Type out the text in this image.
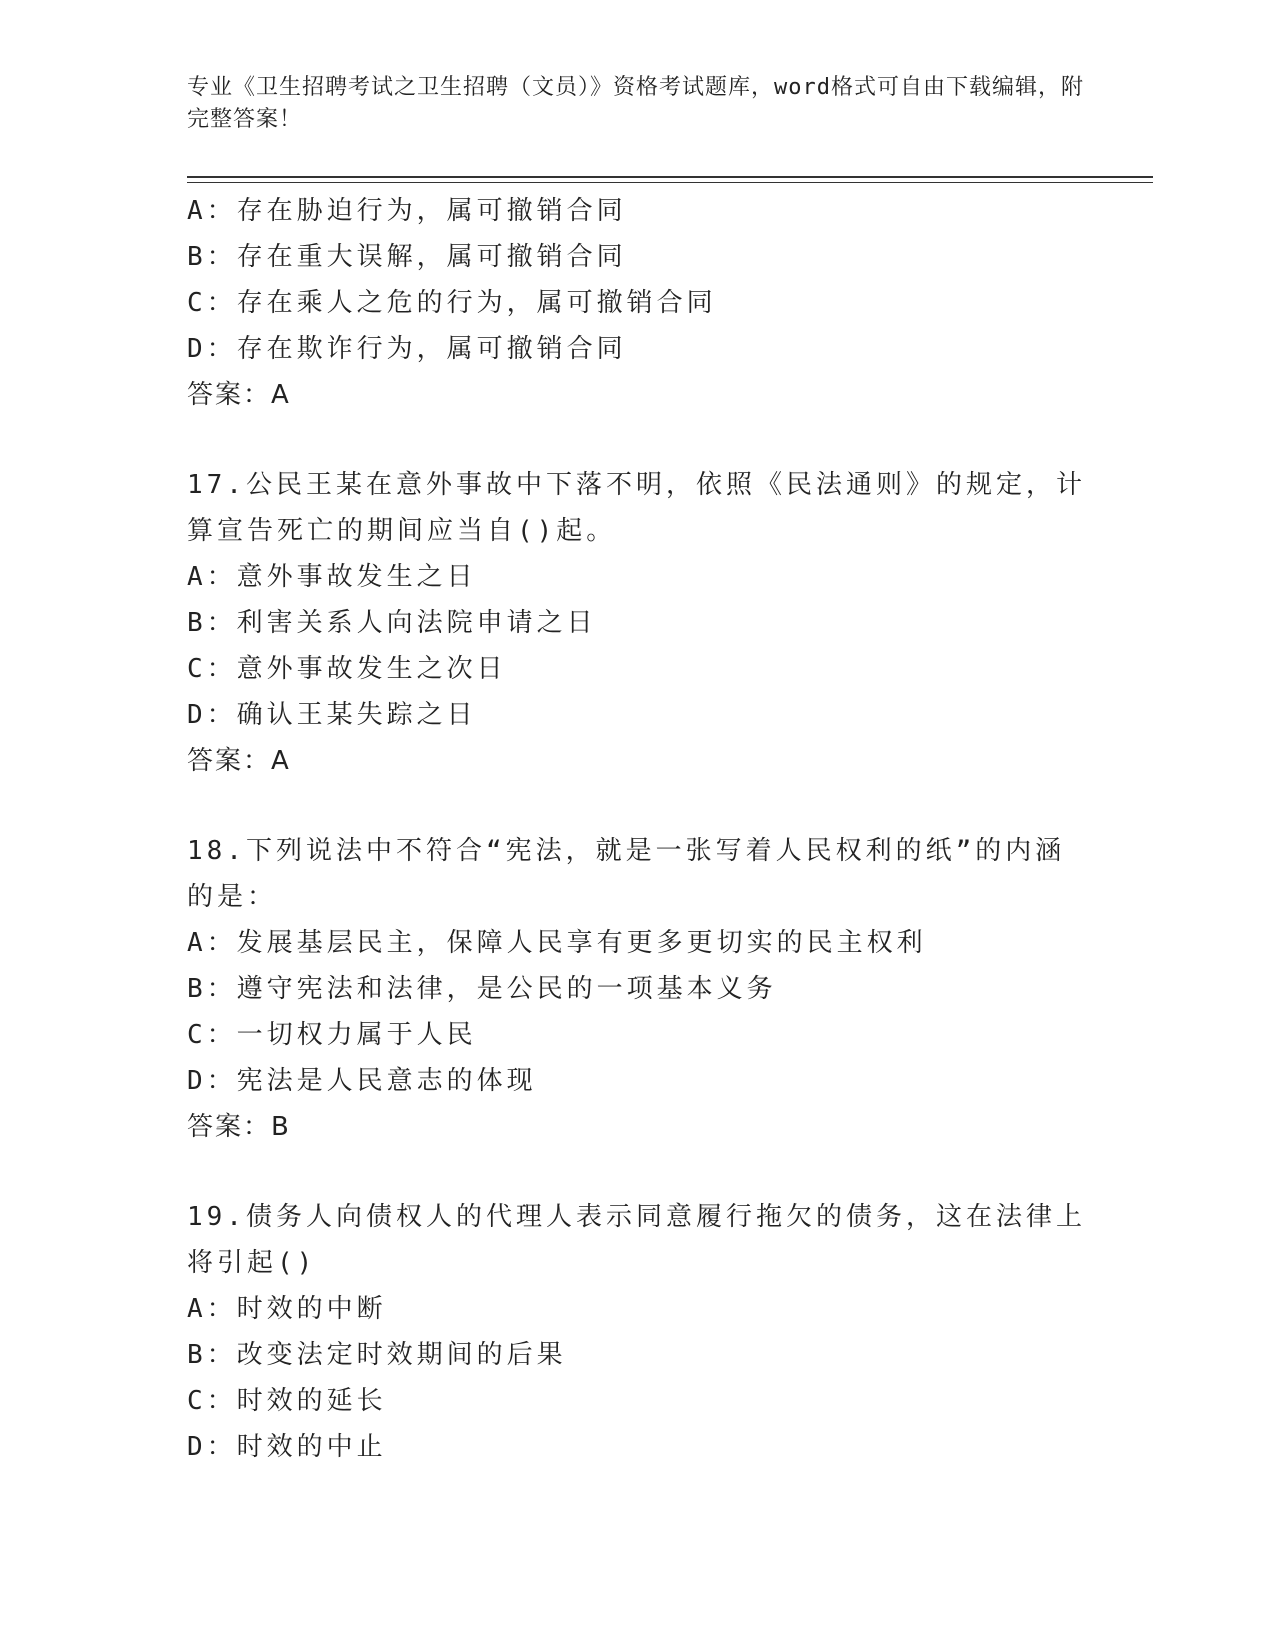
专业《卫生招聘考试之卫生招聘（文员）》资格考试题库，word格式可自由下载编辑，附完整答案！
A：存在胁迫行为，属可撤销合同
B：存在重大误解，属可撤销合同
C：存在乘人之危的行为，属可撤销合同
D：存在欺诈行为，属可撤销合同
答案：A
17.公民王某在意外事故中下落不明，依照《民法通则》的规定，计算宣告死亡的期间应当自()起。
A：意外事故发生之日
B：利害关系人向法院申请之日
C：意外事故发生之次日
D：确认王某失踪之日
答案：A
18.下列说法中不符合“宪法，就是一张写着人民权利的纸”的内涵的是：
A：发展基层民主，保障人民享有更多更切实的民主权利
B：遵守宪法和法律，是公民的一项基本义务
C：一切权力属于人民
D：宪法是人民意志的体现
答案：B
19.债务人向债权人的代理人表示同意履行拖欠的债务，这在法律上将引起()
A：时效的中断
B：改变法定时效期间的后果
C：时效的延长
D：时效的中止
